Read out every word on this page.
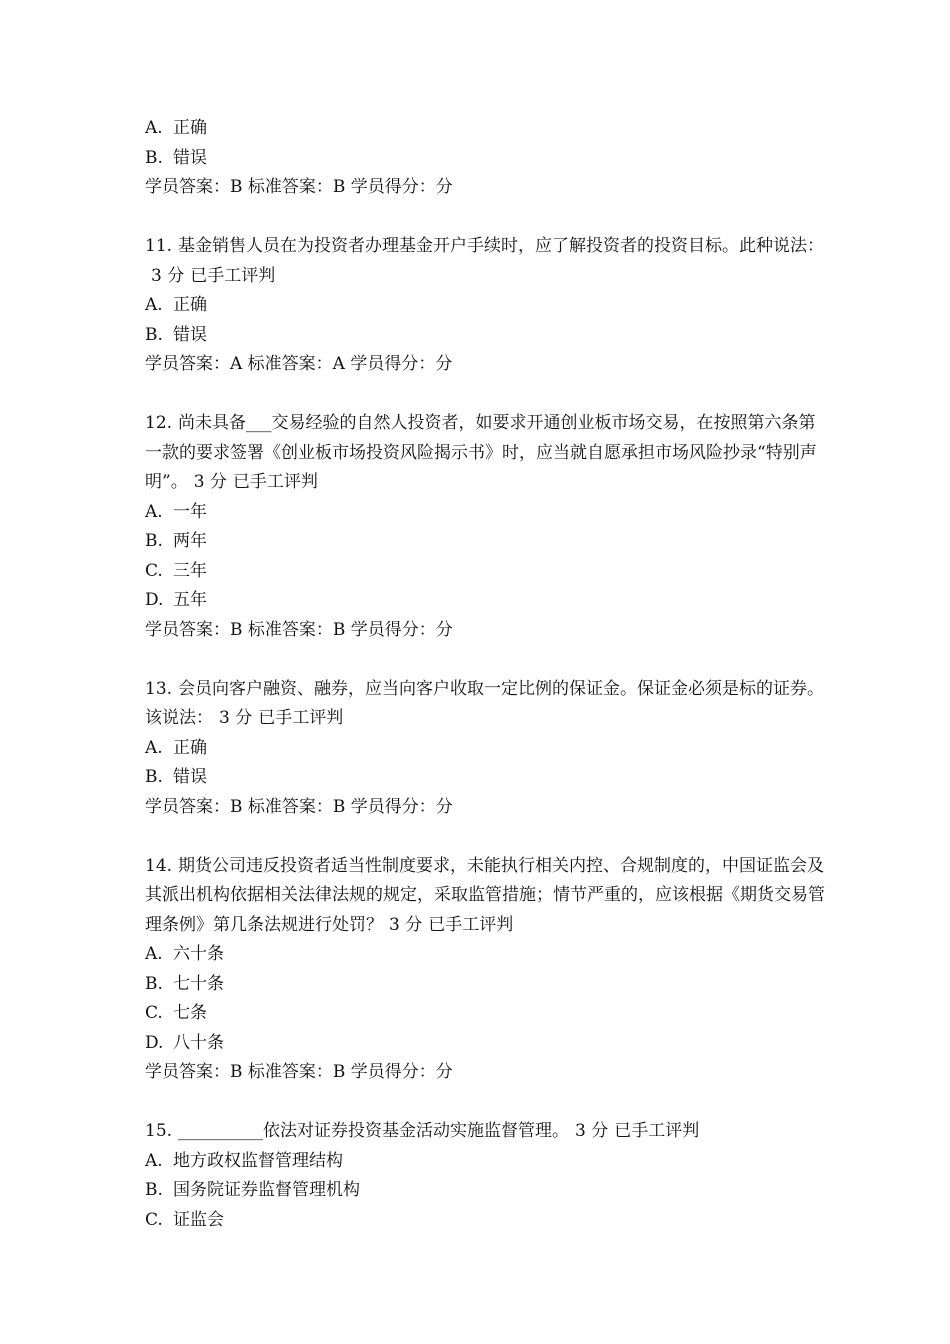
A. 正确
B. 错误
学员答案：B 标准答案：B 学员得分：分
11. 基金销售人员在为投资者办理基金开户手续时，应了解投资者的投资目标。此种说法：3 分 已手工评判
A. 正确
B. 错误
学员答案：A 标准答案：A 学员得分：分
12. 尚未具备___交易经验的自然人投资者，如要求开通创业板市场交易，在按照第六条第一款的要求签署《创业板市场投资风险揭示书》时，应当就自愿承担市场风险抄录“特别声明”。 3 分 已手工评判
A. 一年
B. 两年
C. 三年
D. 五年
学员答案：B 标准答案：B 学员得分：分
13. 会员向客户融资、融券，应当向客户收取一定比例的保证金。保证金必须是标的证券。该说法： 3 分 已手工评判
A. 正确
B. 错误
学员答案：B 标准答案：B 学员得分：分
14. 期货公司违反投资者适当性制度要求，未能执行相关内控、合规制度的，中国证监会及其派出机构依据相关法律法规的规定，采取监管措施；情节严重的，应该根据《期货交易管理条例》第几条法规进行处罚？ 3 分 已手工评判
A. 六十条
B. 七十条
C. 七条
D. 八十条
学员答案：B 标准答案：B 学员得分：分
15. __________依法对证券投资基金活动实施监督管理。 3 分 已手工评判
A. 地方政权监督管理结构
B. 国务院证券监督管理机构
C. 证监会
